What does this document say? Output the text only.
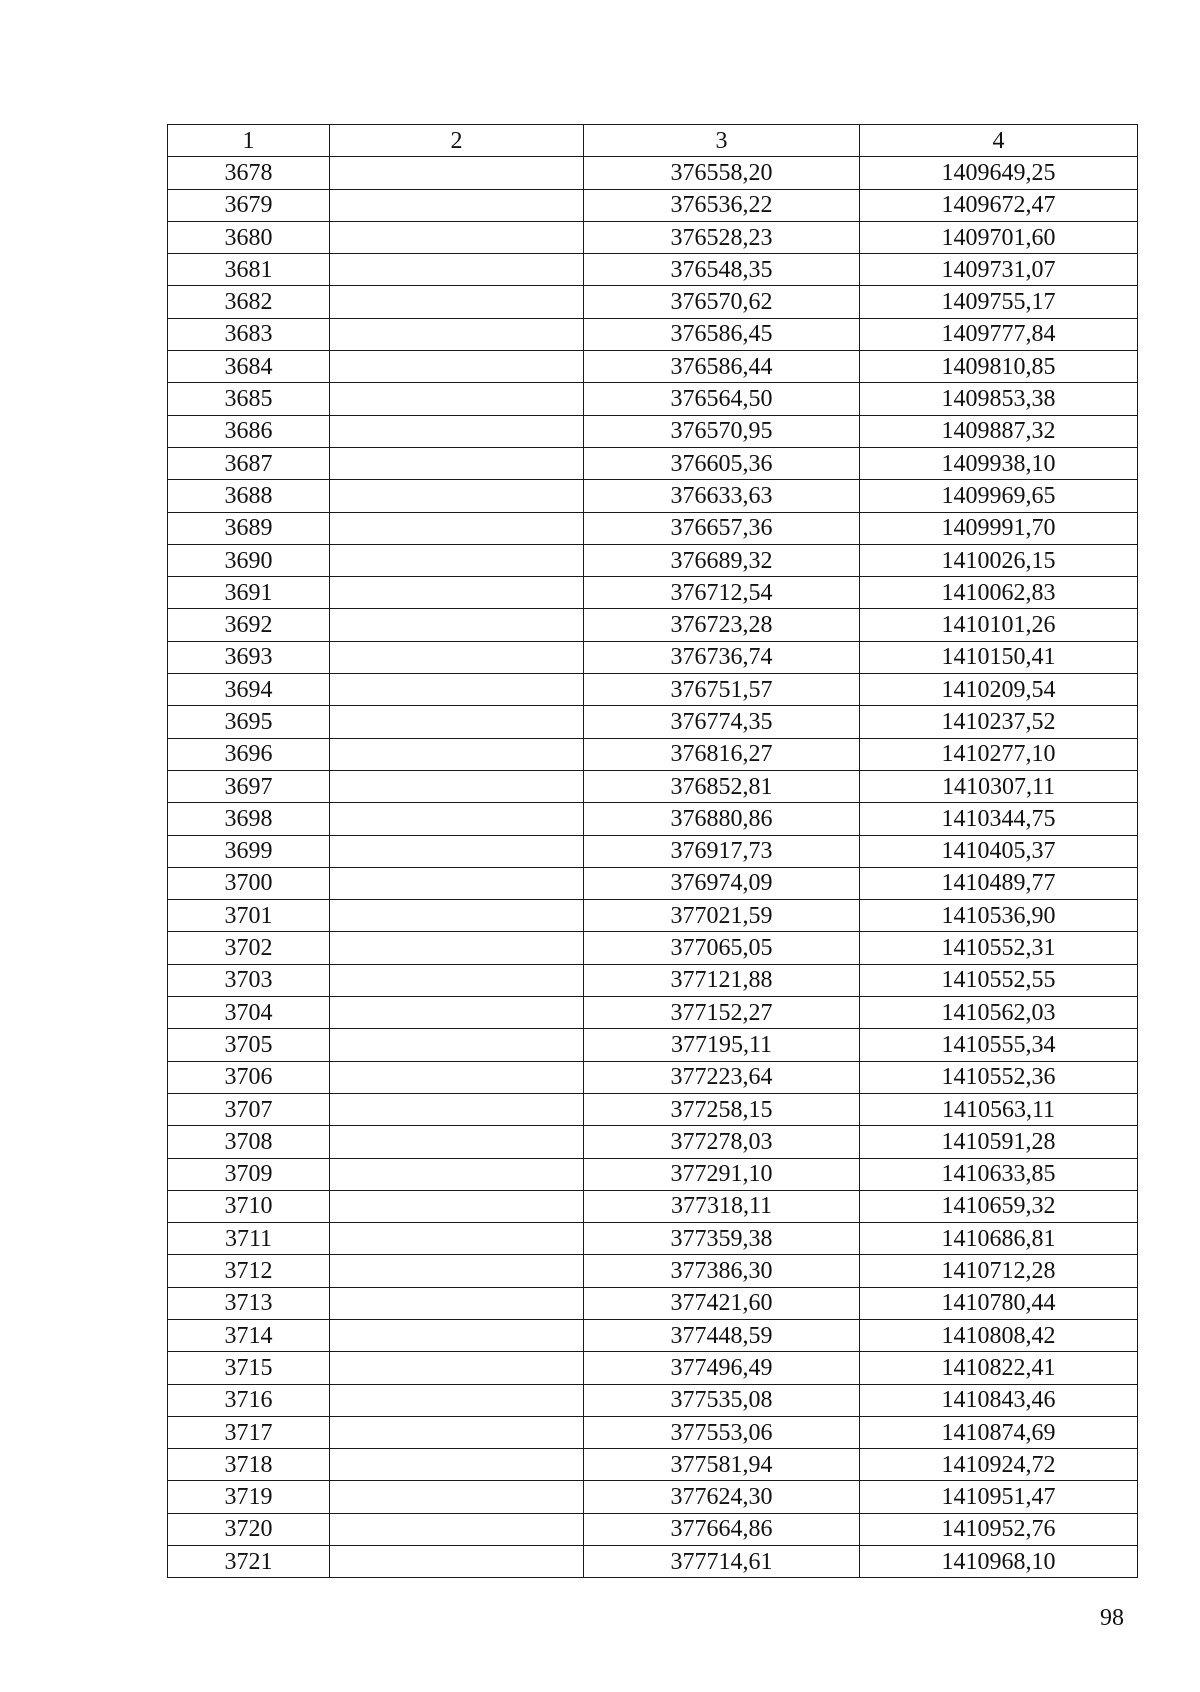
1	2	3	4
3678		376558,20	1409649,25
3679		376536,22	1409672,47
3680		376528,23	1409701,60
3681		376548,35	1409731,07
3682		376570,62	1409755,17
3683		376586,45	1409777,84
3684		376586,44	1409810,85
3685		376564,50	1409853,38
3686		376570,95	1409887,32
3687		376605,36	1409938,10
3688		376633,63	1409969,65
3689		376657,36	1409991,70
3690		376689,32	1410026,15
3691		376712,54	1410062,83
3692		376723,28	1410101,26
3693		376736,74	1410150,41
3694		376751,57	1410209,54
3695		376774,35	1410237,52
3696		376816,27	1410277,10
3697		376852,81	1410307,11
3698		376880,86	1410344,75
3699		376917,73	1410405,37
3700		376974,09	1410489,77
3701		377021,59	1410536,90
3702		377065,05	1410552,31
3703		377121,88	1410552,55
3704		377152,27	1410562,03
3705		377195,11	1410555,34
3706		377223,64	1410552,36
3707		377258,15	1410563,11
3708		377278,03	1410591,28
3709		377291,10	1410633,85
3710		377318,11	1410659,32
3711		377359,38	1410686,81
3712		377386,30	1410712,28
3713		377421,60	1410780,44
3714		377448,59	1410808,42
3715		377496,49	1410822,41
3716		377535,08	1410843,46
3717		377553,06	1410874,69
3718		377581,94	1410924,72
3719		377624,30	1410951,47
3720		377664,86	1410952,76
3721		377714,61	1410968,10
98
